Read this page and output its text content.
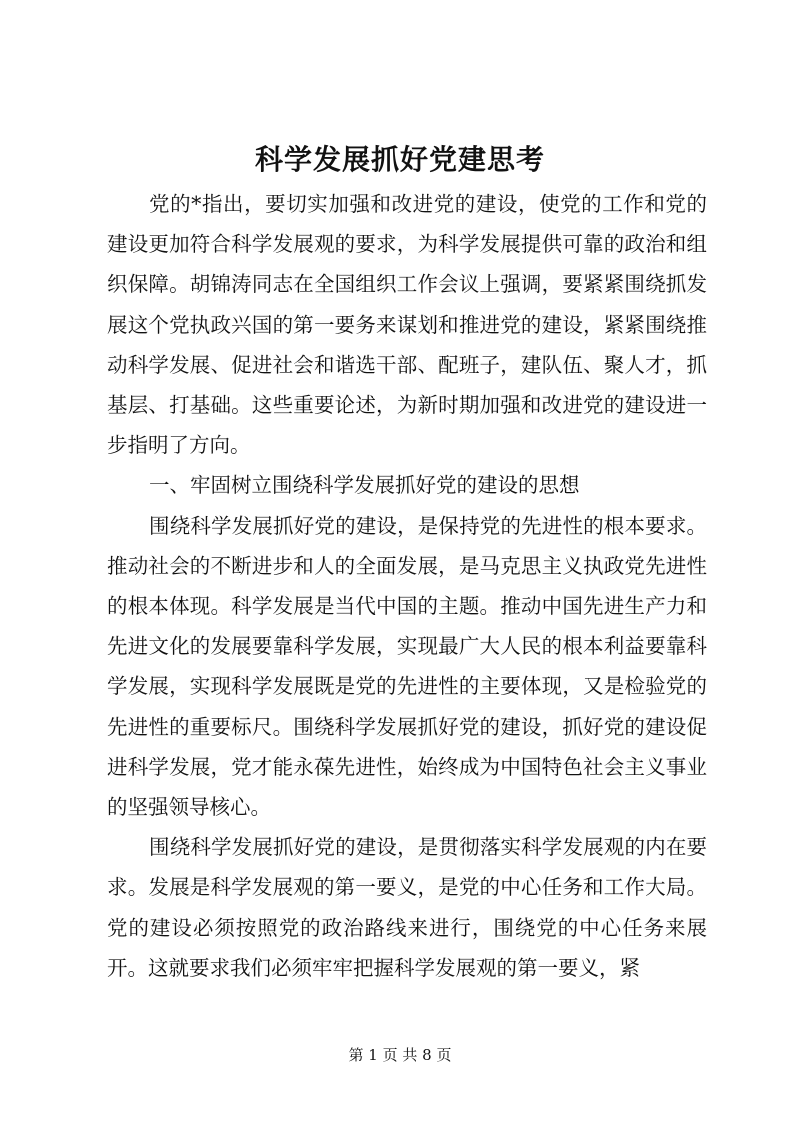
科学发展抓好党建思考

党的*指出，要切实加强和改进党的建设，使党的工作和党的建设更加符合科学发展观的要求，为科学发展提供可靠的政治和组织保障。胡锦涛同志在全国组织工作会议上强调，要紧紧围绕抓发展这个党执政兴国的第一要务来谋划和推进党的建设，紧紧围绕推动科学发展、促进社会和谐选干部、配班子，建队伍、聚人才，抓基层、打基础。这些重要论述，为新时期加强和改进党的建设进一步指明了方向。

一、牢固树立围绕科学发展抓好党的建设的思想

围绕科学发展抓好党的建设，是保持党的先进性的根本要求。推动社会的不断进步和人的全面发展，是马克思主义执政党先进性的根本体现。科学发展是当代中国的主题。推动中国先进生产力和先进文化的发展要靠科学发展，实现最广大人民的根本利益要靠科学发展，实现科学发展既是党的先进性的主要体现，又是检验党的先进性的重要标尺。围绕科学发展抓好党的建设，抓好党的建设促进科学发展，党才能永葆先进性，始终成为中国特色社会主义事业的坚强领导核心。

围绕科学发展抓好党的建设，是贯彻落实科学发展观的内在要求。发展是科学发展观的第一要义，是党的中心任务和工作大局。党的建设必须按照党的政治路线来进行，围绕党的中心任务来展开。这就要求我们必须牢牢把握科学发展观的第一要义，紧

第 1 页 共 8 页
